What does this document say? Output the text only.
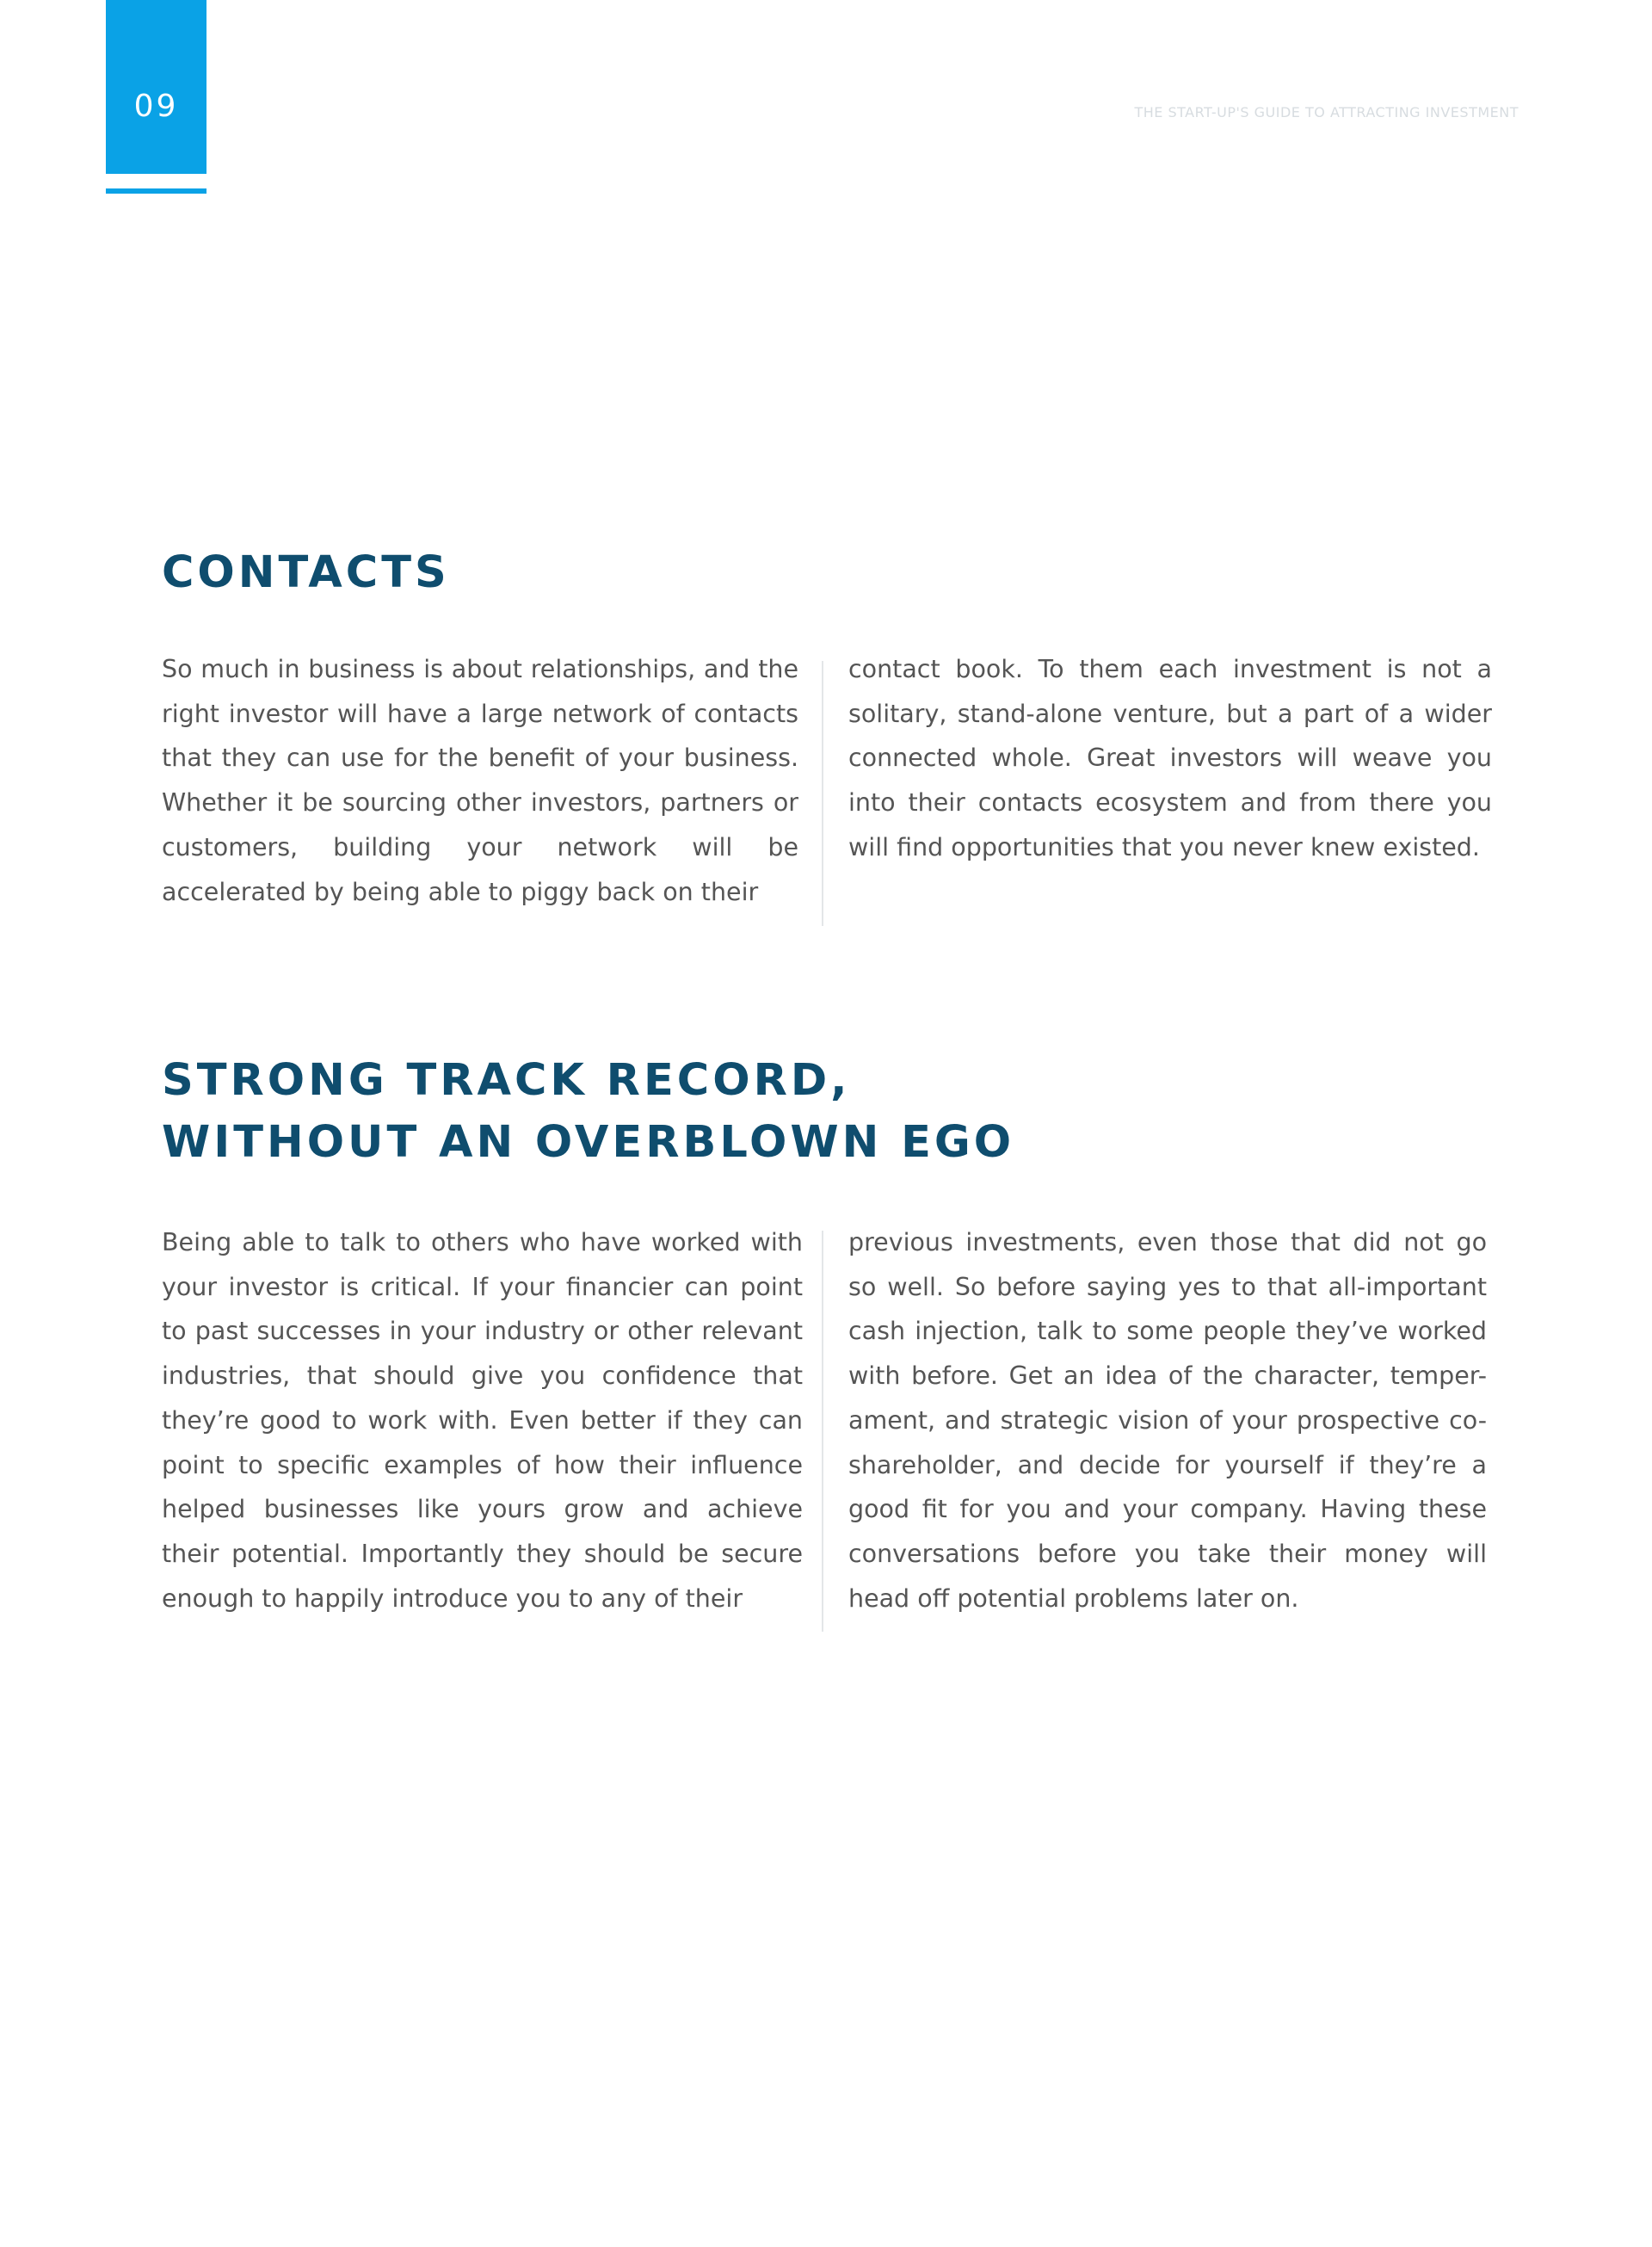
09	THE START-UP'S GUIDE TO ATTRACTING INVESTMENT
CONTACTS

So much in business is about relationships, and the right investor will have a large network of contacts that they can use for the benefit of your business. Whether it be sourcing other investors, partners or customers, building your network will be accelerated by being able to piggy back on their

contact book. To them each investment is not a solitary, stand-alone venture, but a part of a wider connected whole. Great investors will weave you into their contacts ecosystem and from there you will find opportunities that you never knew existed.

STRONG TRACK RECORD,
WITHOUT AN OVERBLOWN EGO

Being able to talk to others who have worked with your investor is critical. If your financier can point to past successes in your industry or other relevant industries, that should give you confidence that they’re good to work with. Even better if they can point to specific examples of how their influence helped businesses like yours grow and achieve their potential. Importantly they should be secure enough to happily introduce you to any of their

previous investments, even those that did not go so well. So before saying yes to that all-important cash injection, talk to some people they’ve worked with before. Get an idea of the character, temper-ament, and strategic vision of your prospective co-shareholder, and decide for yourself if they’re a good fit for you and your company. Having these conversations before you take their money will head off potential problems later on.
